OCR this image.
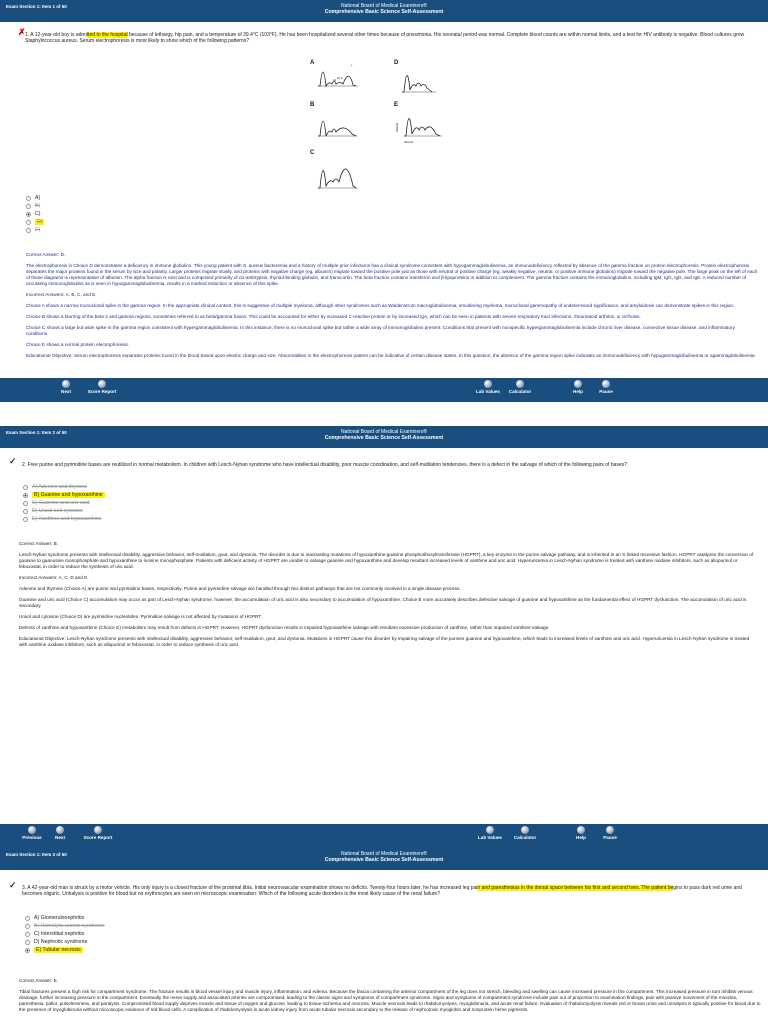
Exam Section 1: Item 1 of 50	National Board of Medical Examiners®
Comprehensive Basic Science Self-Assessment
✗ 1. A 12-year-old boy is admitted to the hospital because of lethargy, hip pain, and a temperature of 39.4°C (103°F). He has been hospitalized several other times because of pneumonia. His neonatal period was normal. Complete blood counts are within normal limits, and a test for HIV antibody is negative. Blood cultures grow Staphylococcus aureus. Serum electrophoresis is most likely to show which of the following patterns?
A
B
C
D
E
α1
α2 β
γ
Albumin
Albumin
A)
B)
C)
D)
E)

Correct Answer: D.

The electrophoresis in Choice D demonstrates a deficiency in immune globulins. This young patient with S. aureus bacteremia and a history of multiple prior infections has a clinical syndrome consistent with hypogammaglobulinemia, an immunodeficiency reflected by absence of the gamma fraction on protein electrophoresis. Protein electrophoresis separates the major proteins found in the serum by size and polarity. Larger proteins migrate slowly, and proteins with negative charge (eg, albumin) migrate toward the positive pole just as those with neutral or positive charge (eg, weakly negative, neutral, or positive immune globulins) migrate toward the negative pole. The large peak on the left of each of these diagrams is representative of albumin. The alpha fraction is next and is comprised primarily of α1-antitrypsin, thyroid-binding globulin, and transcortin. The beta fraction contains transferrin and β-lipoproteins in addition to complement. The gamma fraction contains the immunoglobulins, including IgM, IgG, IgD, and IgE. A reduced number of circulating immunoglobulins as is seen in hypogammaglobulinemia, results in a marked reduction or absence of this spike.

Incorrect Answers: A, B, C, and E.

Choice A shows a narrow monoclonal spike in the gamma region. In the appropriate clinical context, this is suggestive of multiple myeloma, although other syndromes such as Waldenstrom macroglobulinemia, smoldering myeloma, monoclonal gammopathy of undetermined significance, and amyloidosis can demonstrate spikes in this region.

Choice B shows a blurring of the beta 2 and gamma regions, sometimes referred to as beta/gamma fusion. This could be accounted for either by increased C-reactive protein or by increased IgA, which can be seen in patients with severe respiratory tract infections, rheumatoid arthritis, or cirrhosis.

Choice C shows a large but wide spike in the gamma region consistent with hypergammaglobulinemia. In this instance, there is no monoclonal spike but rather a wide array of immunoglobulins present. Conditions that present with nonspecific hypergammaglobulinemia include chronic liver disease, connective tissue disease, and inflammatory conditions.

Choice E shows a normal protein electrophoresis.

Educational Objective: Serum electrophoresis separates proteins found in the blood based upon electric charge and size. Abnormalities in the electrophoresis pattern can be indicative of certain disease states. In this question, the absence of the gamma region spike indicates an immunodeficiency with hypogammaglobulinemia or agammaglobulinemia.

Next	Score Report	Lab Values	Calculator	Help	Pause
Exam Section 1: Item 2 of 50	National Board of Medical Examiners®
Comprehensive Basic Science Self-Assessment
✓ 2. Free purine and pyrimidine bases are reutilized in normal metabolism. In children with Lesch-Nyhan syndrome who have intellectual disability, poor muscle coordination, and self-mutilation tendencies, there is a defect in the salvage of which of the following pairs of bases?
A) Adenine and thymine
B) Guanine and hypoxanthine
C) Guanine and uric acid
D) Uracil and cytosine
E) Xanthine and hypoxanthine

Correct Answer: B.

Lesch-Nyhan syndrome presents with intellectual disability, aggressive behavior, self-mutilation, gout, and dystonia. The disorder is due to inactivating mutations of hypoxanthine-guanine phosphoribosyltransferase (HGPRT), a key enzyme in the purine salvage pathway, and is inherited in an X-linked recessive fashion. HGPRT catalyzes the conversion of guanine to guanosine monophosphate and hypoxanthine to inosine monophosphate. Patients with deficient activity of HGPRT are unable to salvage guanine and hypoxanthine and develop resultant increased levels of xanthine and uric acid. Hyperuricemia in Lesch-Nyhan syndrome is treated with xanthine oxidase inhibitors, such as allopurinol or febuxostat, in order to reduce the synthesis of uric acid.

Incorrect Answers: A, C, D and E.

Adenine and thymine (Choice A) are purine and pyrimidine bases, respectively. Purine and pyrimidine salvage are handled through two distinct pathways that are not commonly involved in a single disease process.

Guanine and uric acid (Choice C) accumulation may occur as part of Lesch-Nyhan syndrome, however, the accumulation of uric acid is also secondary to accumulation of hypoxanthine. Choice B more accurately describes defective salvage of guanine and hypoxanthine as the fundamental effect of HGPRT dysfunction. The accumulation of uric acid is secondary.

Uracil and cytosine (Choice D) are pyrimidine nucleotides. Pyrimidine salvage is not affected by mutations of HGPRT.

Defects of xanthine and hypoxanthine (Choice E) metabolism may result from defects in HGPRT. However, HGPRT dysfunction results in impaired hypoxanthine salvage with resultant excessive production of xanthine, rather than impaired xanthine salvage.

Educational Objective: Lesch-Nyhan syndrome presents with intellectual disability, aggressive behavior, self-mutilation, gout, and dystonia. Mutations in HGPRT cause this disorder by impairing salvage of the purines guanine and hypoxanthine, which leads to increased levels of xanthine and uric acid. Hyperuricemia in Lesch-Nyhan syndrome is treated with xanthine oxidase inhibitors, such as allopurinol or febuxostat, in order to reduce synthesis of uric acid.

Previous	Next	Score Report	Lab Values	Calculator	Help	Pause
Exam Section 1: Item 3 of 50	National Board of Medical Examiners®
Comprehensive Basic Science Self-Assessment
✓ 3. A 42-year-old man is struck by a motor vehicle. His only injury is a closed fracture of the proximal tibia. Initial neurovascular examination shows no deficits. Twenty-four hours later, he has increased leg pain and paresthesias in the dorsal space between his first and second toes. The patient begins to pass dark red urine and becomes oliguric. Urinalysis is positive for blood but no erythrocytes are seen on microscopic examination. Which of the following acute disorders is the most likely cause of the renal failure?
A) Glomerulonephritis
B) Hemolytic uremic syndrome
C) Interstitial nephritis
D) Nephrotic syndrome
E) Tubular necrosis

Correct Answer: E.

Tibial fractures present a high risk for compartment syndrome. The fracture results in blood vessel injury and muscle injury, inflammation, and edema. Because the fascia containing the anterior compartment of the leg does not stretch, bleeding and swelling can cause increased pressure in the compartment. This increased pressure in turn inhibits venous drainage, further increasing pressure in the compartment. Eventually the nerve supply and associated arteries are compromised, leading to the classic signs and symptoms of compartment syndrome. Signs and symptoms of compartment syndrome include pain out of proportion to examination findings, pain with passive movement of the muscles, paresthesia, pallor, pulselessness, and paralysis. Compromised blood supply deprives muscle and tissue of oxygen and glucose, leading to tissue ischemia and necrosis. Muscle necrosis leads to rhabdomyolysis, myoglobinuria, and acute renal failure. Evaluation of rhabdomyolysis reveals red or brown urine and urinalysis is typically positive for blood due to the presence of myoglobinuria without microscopic evidence of red blood cells. A complication of rhabdomyolysis is acute kidney injury from acute tubular necrosis secondary to the release of nephrotoxic myoglobin and nonprotein heme pigments.
